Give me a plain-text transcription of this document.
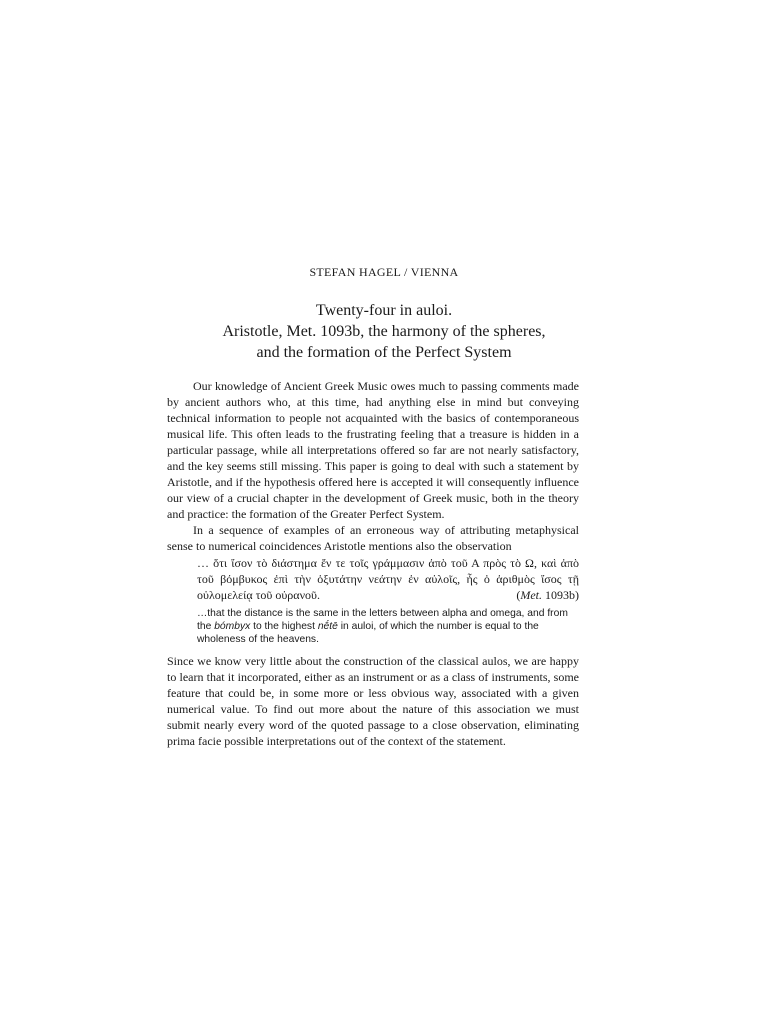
STEFAN HAGEL / VIENNA
Twenty-four in auloi.
Aristotle, Met. 1093b, the harmony of the spheres,
and the formation of the Perfect System

Our knowledge of Ancient Greek Music owes much to passing comments made by ancient authors who, at this time, had anything else in mind but conveying technical information to people not acquainted with the basics of contemporaneous musical life. This often leads to the frustrating feeling that a treasure is hidden in a particular passage, while all interpretations offered so far are not nearly satisfactory, and the key seems still missing. This paper is going to deal with such a statement by Aristotle, and if the hypothesis offered here is accepted it will consequently influence our view of a crucial chapter in the development of Greek music, both in the theory and practice: the formation of the Greater Perfect System.

In a sequence of examples of an erroneous way of attributing metaphysical sense to numerical coincidences Aristotle mentions also the observation

… ὅτι ἴσον τὸ διάστημα ἔν τε τοῖς γράμμασιν ἀπὸ τοῦ Α πρὸς τὸ Ω, καὶ ἀπὸ τοῦ βόμβυκος ἐπὶ τὴν ὀξυτάτην νεάτην ἐν αὐλοῖς, ἧς ὁ ἀριθμὸς ἴσος τῇ οὐλομελείᾳ τοῦ οὐρανοῦ.	(Met. 1093b)
…that the distance is the same in the letters between alpha and omega, and from the bómbyx to the highest nḗtē in auloi, of which the number is equal to the wholeness of the heavens.

Since we know very little about the construction of the classical aulos, we are happy to learn that it incorporated, either as an instrument or as a class of instruments, some feature that could be, in some more or less obvious way, associated with a given numerical value. To find out more about the nature of this association we must submit nearly every word of the quoted passage to a close observation, eliminating prima facie possible interpretations out of the context of the statement.
